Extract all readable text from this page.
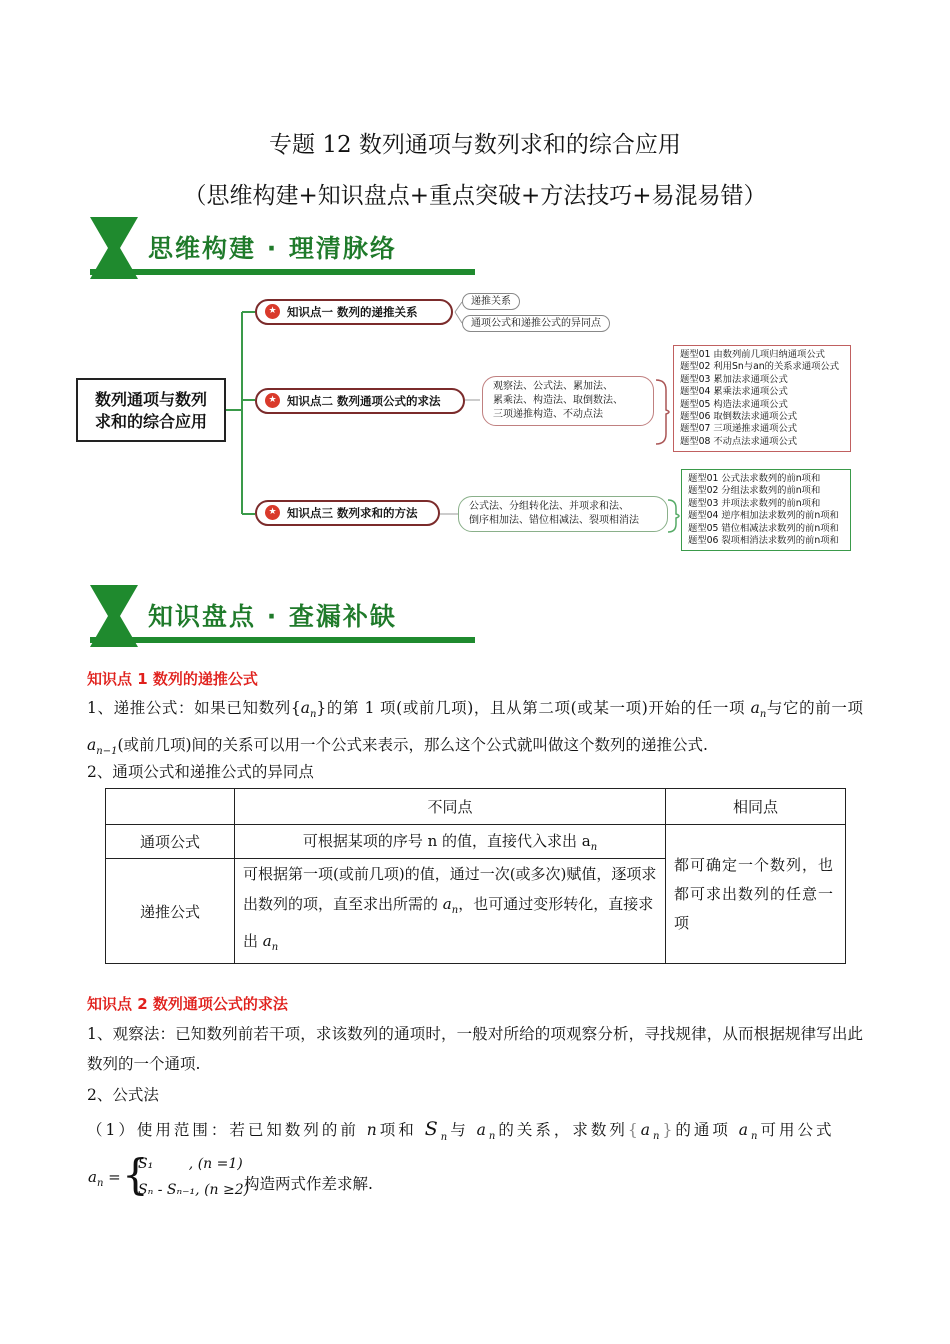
专题 12 数列通项与数列求和的综合应用
（思维构建+知识盘点+重点突破+方法技巧+易混易错）
思维构建 · 理清脉络
数列通项与数列
求和的综合应用
★ 知识点一 数列的递推关系
递推关系
通项公式和递推公式的异同点
★ 知识点二 数列通项公式的求法
观察法、公式法、累加法、
累乘法、构造法、取倒数法、
三项递推构造、不动点法
题型01 由数列前几项归纳通项公式
题型02 利用Sn与an的关系求通项公式
题型03 累加法求通项公式
题型04 累乘法求通项公式
题型05 构造法求通项公式
题型06 取倒数法求通项公式
题型07 三项递推求通项公式
题型08 不动点法求通项公式
★ 知识点三 数列求和的方法	公式法、分组转化法、并项求和法、
倒序相加法、错位相减法、裂项相消法
题型01 公式法求数列的前n项和
题型02 分组法求数列的前n项和
题型03 并项法求数列的前n项和
题型04 逆序相加法求数列的前n项和
题型05 错位相减法求数列的前n项和
题型06 裂项相消法求数列的前n项和
知识盘点 · 查漏补缺
知识点 1 数列的递推公式
1、递推公式：如果已知数列$\{a_n\}$的第 1 项(或前几项)，且从第二项(或某一项)开始的任一项 $a_n$与它的前一项 $a_{n-1}$(或前几项)间的关系可以用一个公式来表示，那么这个公式就叫做这个数列的递推公式.
2、通项公式和递推公式的异同点
	不同点	相同点
通项公式	可根据某项的序号 n 的值，直接代入求出 $a_n$	都可确定一个数列，也都可求出数列的任意一项
递推公式	可根据第一项(或前几项)的值，通过一次(或多次)赋值，逐项求出数列的项，直至求出所需的 $a_n$，也可通过变形转化，直接求出 $a_n$
知识点 2 数列通项公式的求法
1、观察法：已知数列前若干项，求该数列的通项时，一般对所给的项观察分析，寻找规律，从而根据规律写出此数列的一个通项.
2、公式法
（1）使用范围：若已知数列的前 n项和 $S_n$与 $a_n$的关系，求数列$\{a_n\}$的通项 $a_n$可用公式
$a_n$ = {
S₁        , (n =1)
Sₙ - Sₙ₋₁, (n ≥2)
构造两式作差求解.
